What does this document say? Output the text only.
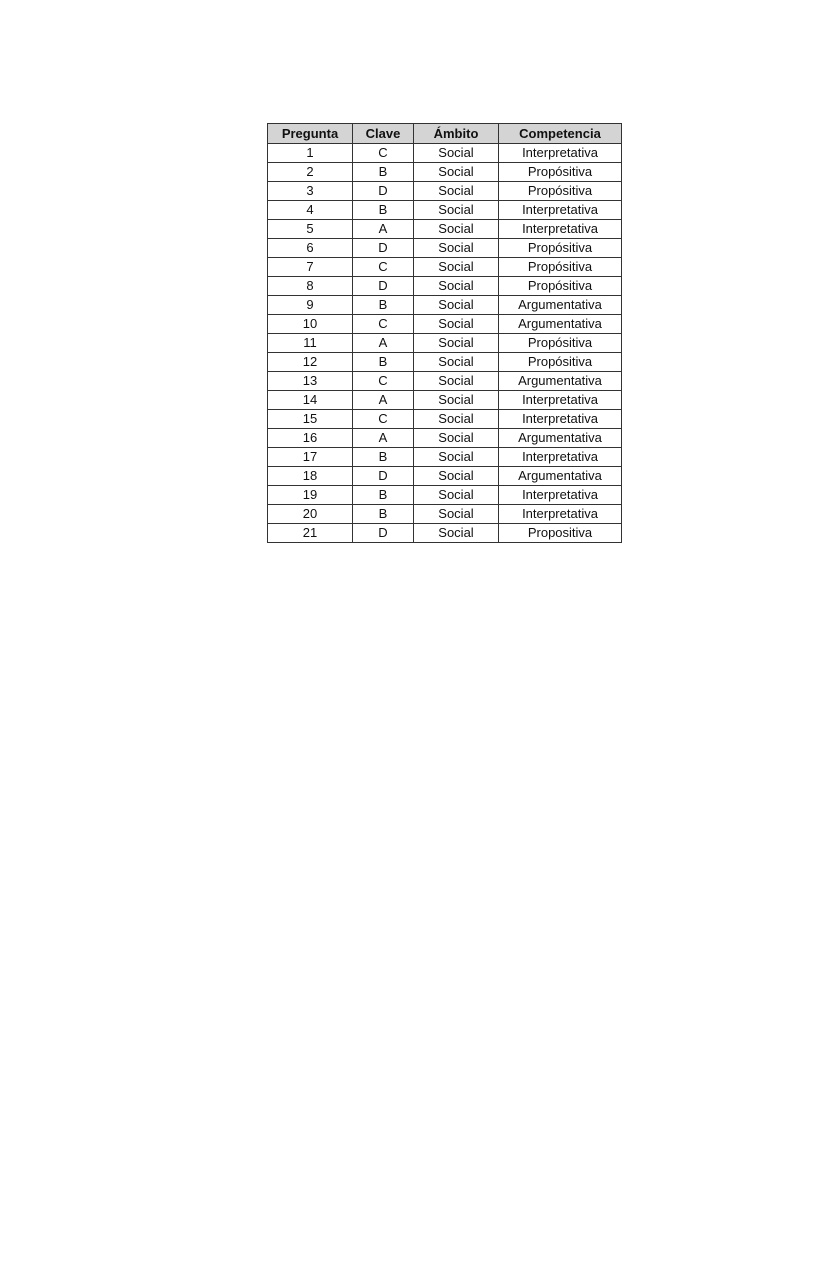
Pregunta	Clave	Ámbito	Competencia
1	C	Social	Interpretativa
2	B	Social	Propósitiva
3	D	Social	Propósitiva
4	B	Social	Interpretativa
5	A	Social	Interpretativa
6	D	Social	Propósitiva
7	C	Social	Propósitiva
8	D	Social	Propósitiva
9	B	Social	Argumentativa
10	C	Social	Argumentativa
11	A	Social	Propósitiva
12	B	Social	Propósitiva
13	C	Social	Argumentativa
14	A	Social	Interpretativa
15	C	Social	Interpretativa
16	A	Social	Argumentativa
17	B	Social	Interpretativa
18	D	Social	Argumentativa
19	B	Social	Interpretativa
20	B	Social	Interpretativa
21	D	Social	Propositiva
